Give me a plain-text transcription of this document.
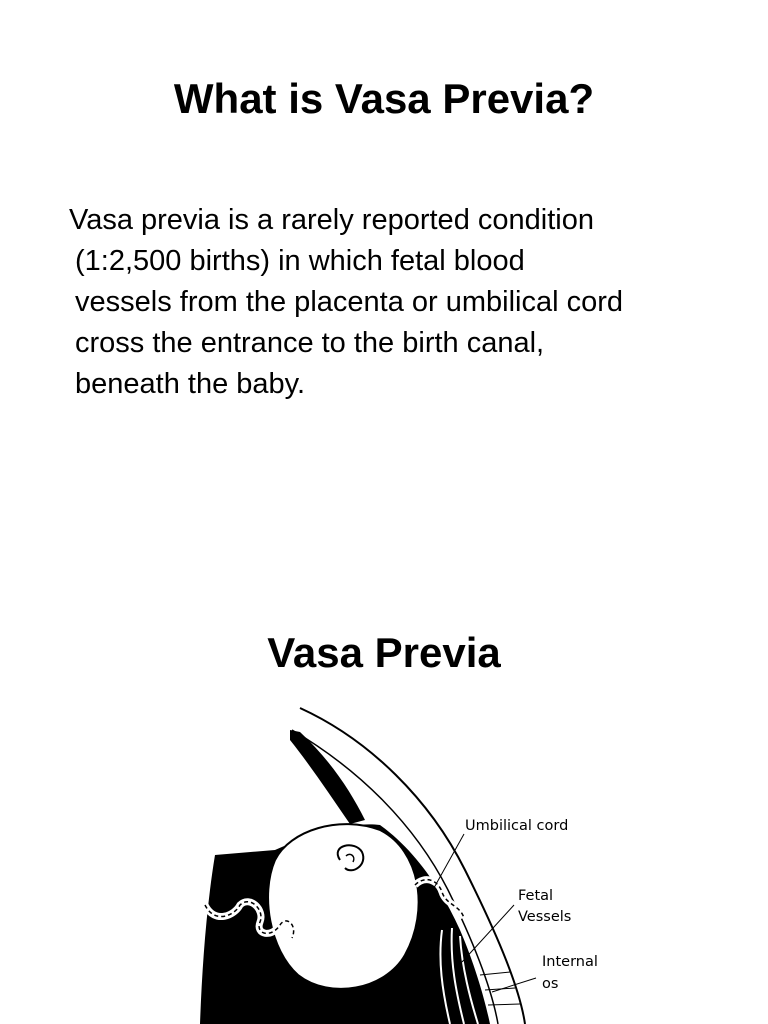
What is Vasa Previa?

Vasa previa is a rarely reported condition
(1:2,500 births) in which fetal blood
vessels from the placenta or umbilical cord
cross the entrance to the birth canal,
beneath the baby.

Vasa Previa
Umbilical cord
Fetal
Vessels
Internal
os
